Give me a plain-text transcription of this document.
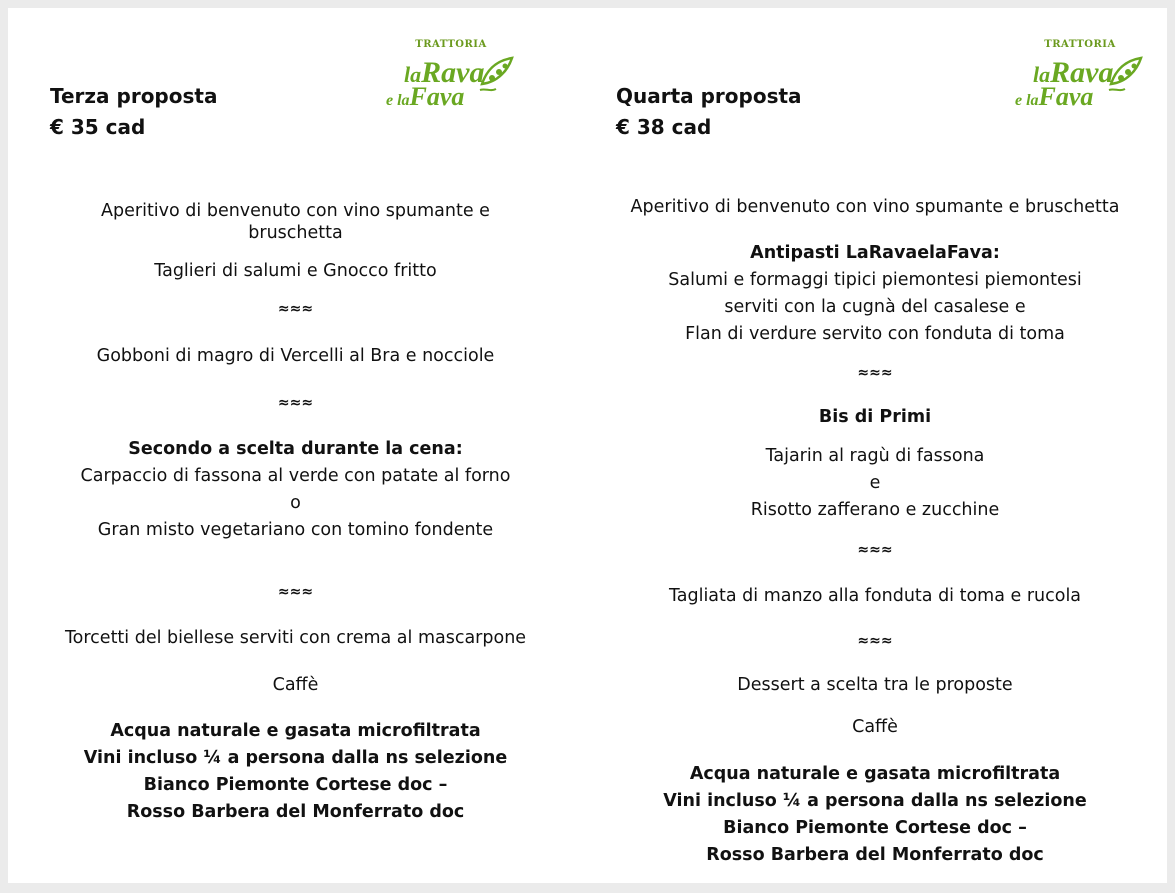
Terza proposta
€ 35 cad
TRATTORIA
laRava
e laFava
Aperitivo di benvenuto con vino spumante e
bruschetta
Taglieri di salumi e Gnocco fritto
≈≈≈
Gobboni di magro di Vercelli al Bra e nocciole
≈≈≈
Secondo a scelta durante la cena:
Carpaccio di fassona al verde con patate al forno
o
Gran misto vegetariano con tomino fondente
≈≈≈
Torcetti del biellese serviti con crema al mascarpone
Caffè
Acqua naturale e gasata microfiltrata
Vini incluso ¼ a persona dalla ns selezione
Bianco Piemonte Cortese doc –
Rosso Barbera del Monferrato doc
Quarta proposta
€ 38 cad
TRATTORIA
laRava
e laFava
Aperitivo di benvenuto con vino spumante e bruschetta
Antipasti LaRavaelaFava:
Salumi e formaggi tipici piemontesi piemontesi
serviti con la cugnà del casalese e
Flan di verdure servito con fonduta di toma
≈≈≈
Bis di Primi
Tajarin al ragù di fassona
e
Risotto zafferano e zucchine
≈≈≈
Tagliata di manzo alla fonduta di toma e rucola
≈≈≈
Dessert a scelta tra le proposte
Caffè
Acqua naturale e gasata microfiltrata
Vini incluso ¼ a persona dalla ns selezione
Bianco Piemonte Cortese doc –
Rosso Barbera del Monferrato doc
